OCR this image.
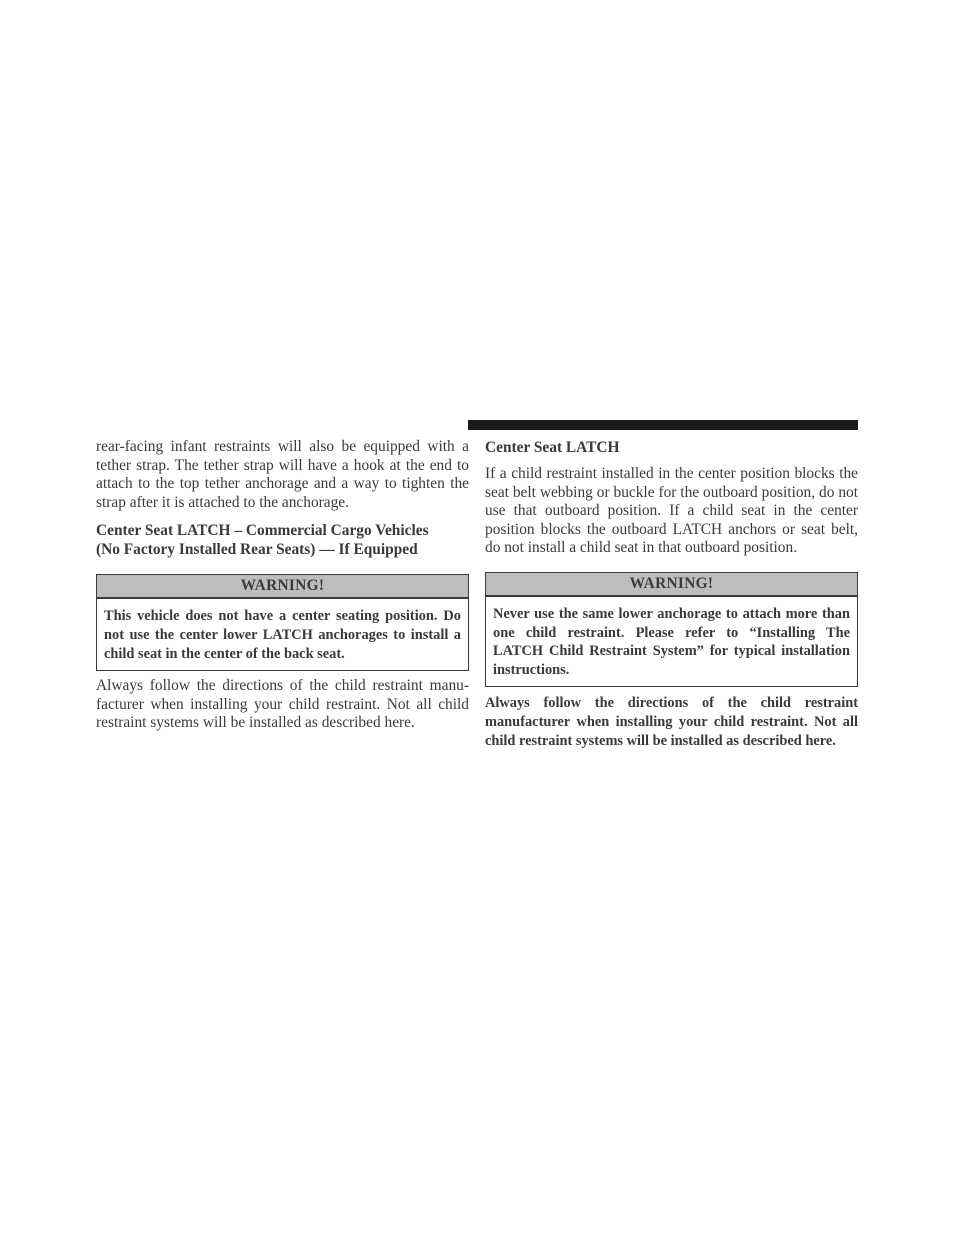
rear-facing infant restraints will also be equipped with a tether strap. The tether strap will have a hook at the end to attach to the top tether anchorage and a way to tighten the strap after it is attached to the anchorage.

Center Seat LATCH – Commercial Cargo Vehicles
(No Factory Installed Rear Seats) — If Equipped
WARNING!

This vehicle does not have a center seating position. Do not use the center lower LATCH anchorages to install a child seat in the center of the back seat.

Always follow the directions of the child restraint manufacturer when installing your child restraint. Not all child restraint systems will be installed as described here.

Center Seat LATCH

If a child restraint installed in the center position blocks the seat belt webbing or buckle for the outboard position, do not use that outboard position. If a child seat in the center position blocks the outboard LATCH anchors or seat belt, do not install a child seat in that outboard position.

WARNING!

Never use the same lower anchorage to attach more than one child restraint. Please refer to “Installing The LATCH Child Restraint System” for typical installation instructions.

Always follow the directions of the child restraint manufacturer when installing your child restraint. Not all child restraint systems will be installed as described here.
